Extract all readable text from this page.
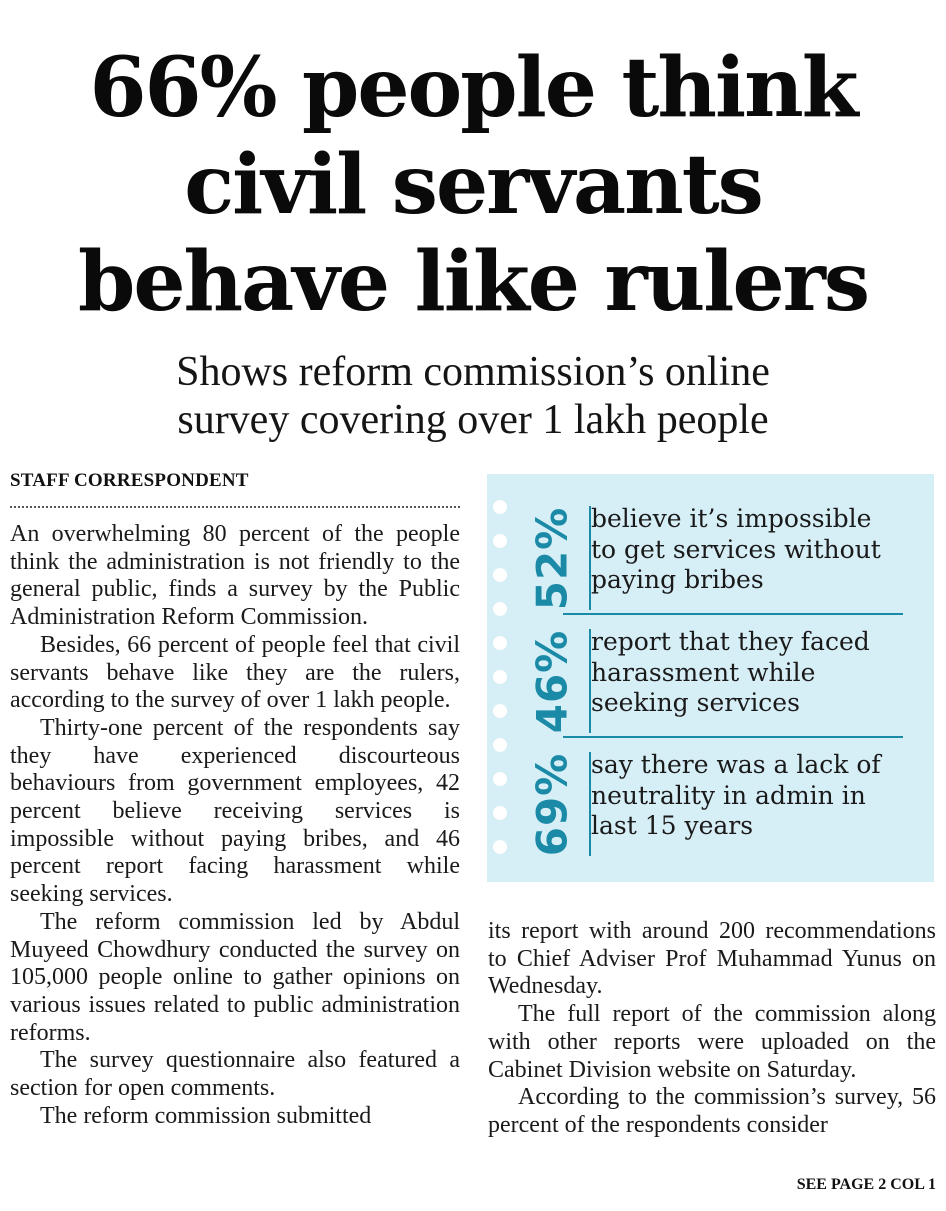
66% people think
civil servants
behave like rulers
Shows reform commission’s online
survey covering over 1 lakh people
STAFF CORRESPONDENT

An overwhelming 80 percent of the people think the administration is not friendly to the general public, finds a survey by the Public Administration Reform Commission.

Besides, 66 percent of people feel that civil servants behave like they are the rulers, according to the survey of over 1 lakh people.

Thirty-one percent of the respondents say they have experienced discourteous behaviours from government employees, 42 percent believe receiving services is impossible without paying bribes, and 46 percent report facing harassment while seeking services.

The reform commission led by Abdul Muyeed Chowdhury conducted the survey on 105,000 people online to gather opinions on various issues related to public administration reforms.

The survey questionnaire also featured a section for open comments.

The reform commission submitted

52% believe it’s impossible to get services without paying bribes
46% report that they faced harassment while seeking services
69% say there was a lack of neutrality in admin in last 15 years

its report with around 200 recommendations to Chief Adviser Prof Muhammad Yunus on Wednesday.

The full report of the commission along with other reports were uploaded on the Cabinet Division website on Saturday.

According to the commission’s survey, 56 percent of the respondents consider

SEE PAGE 2 COL 1
